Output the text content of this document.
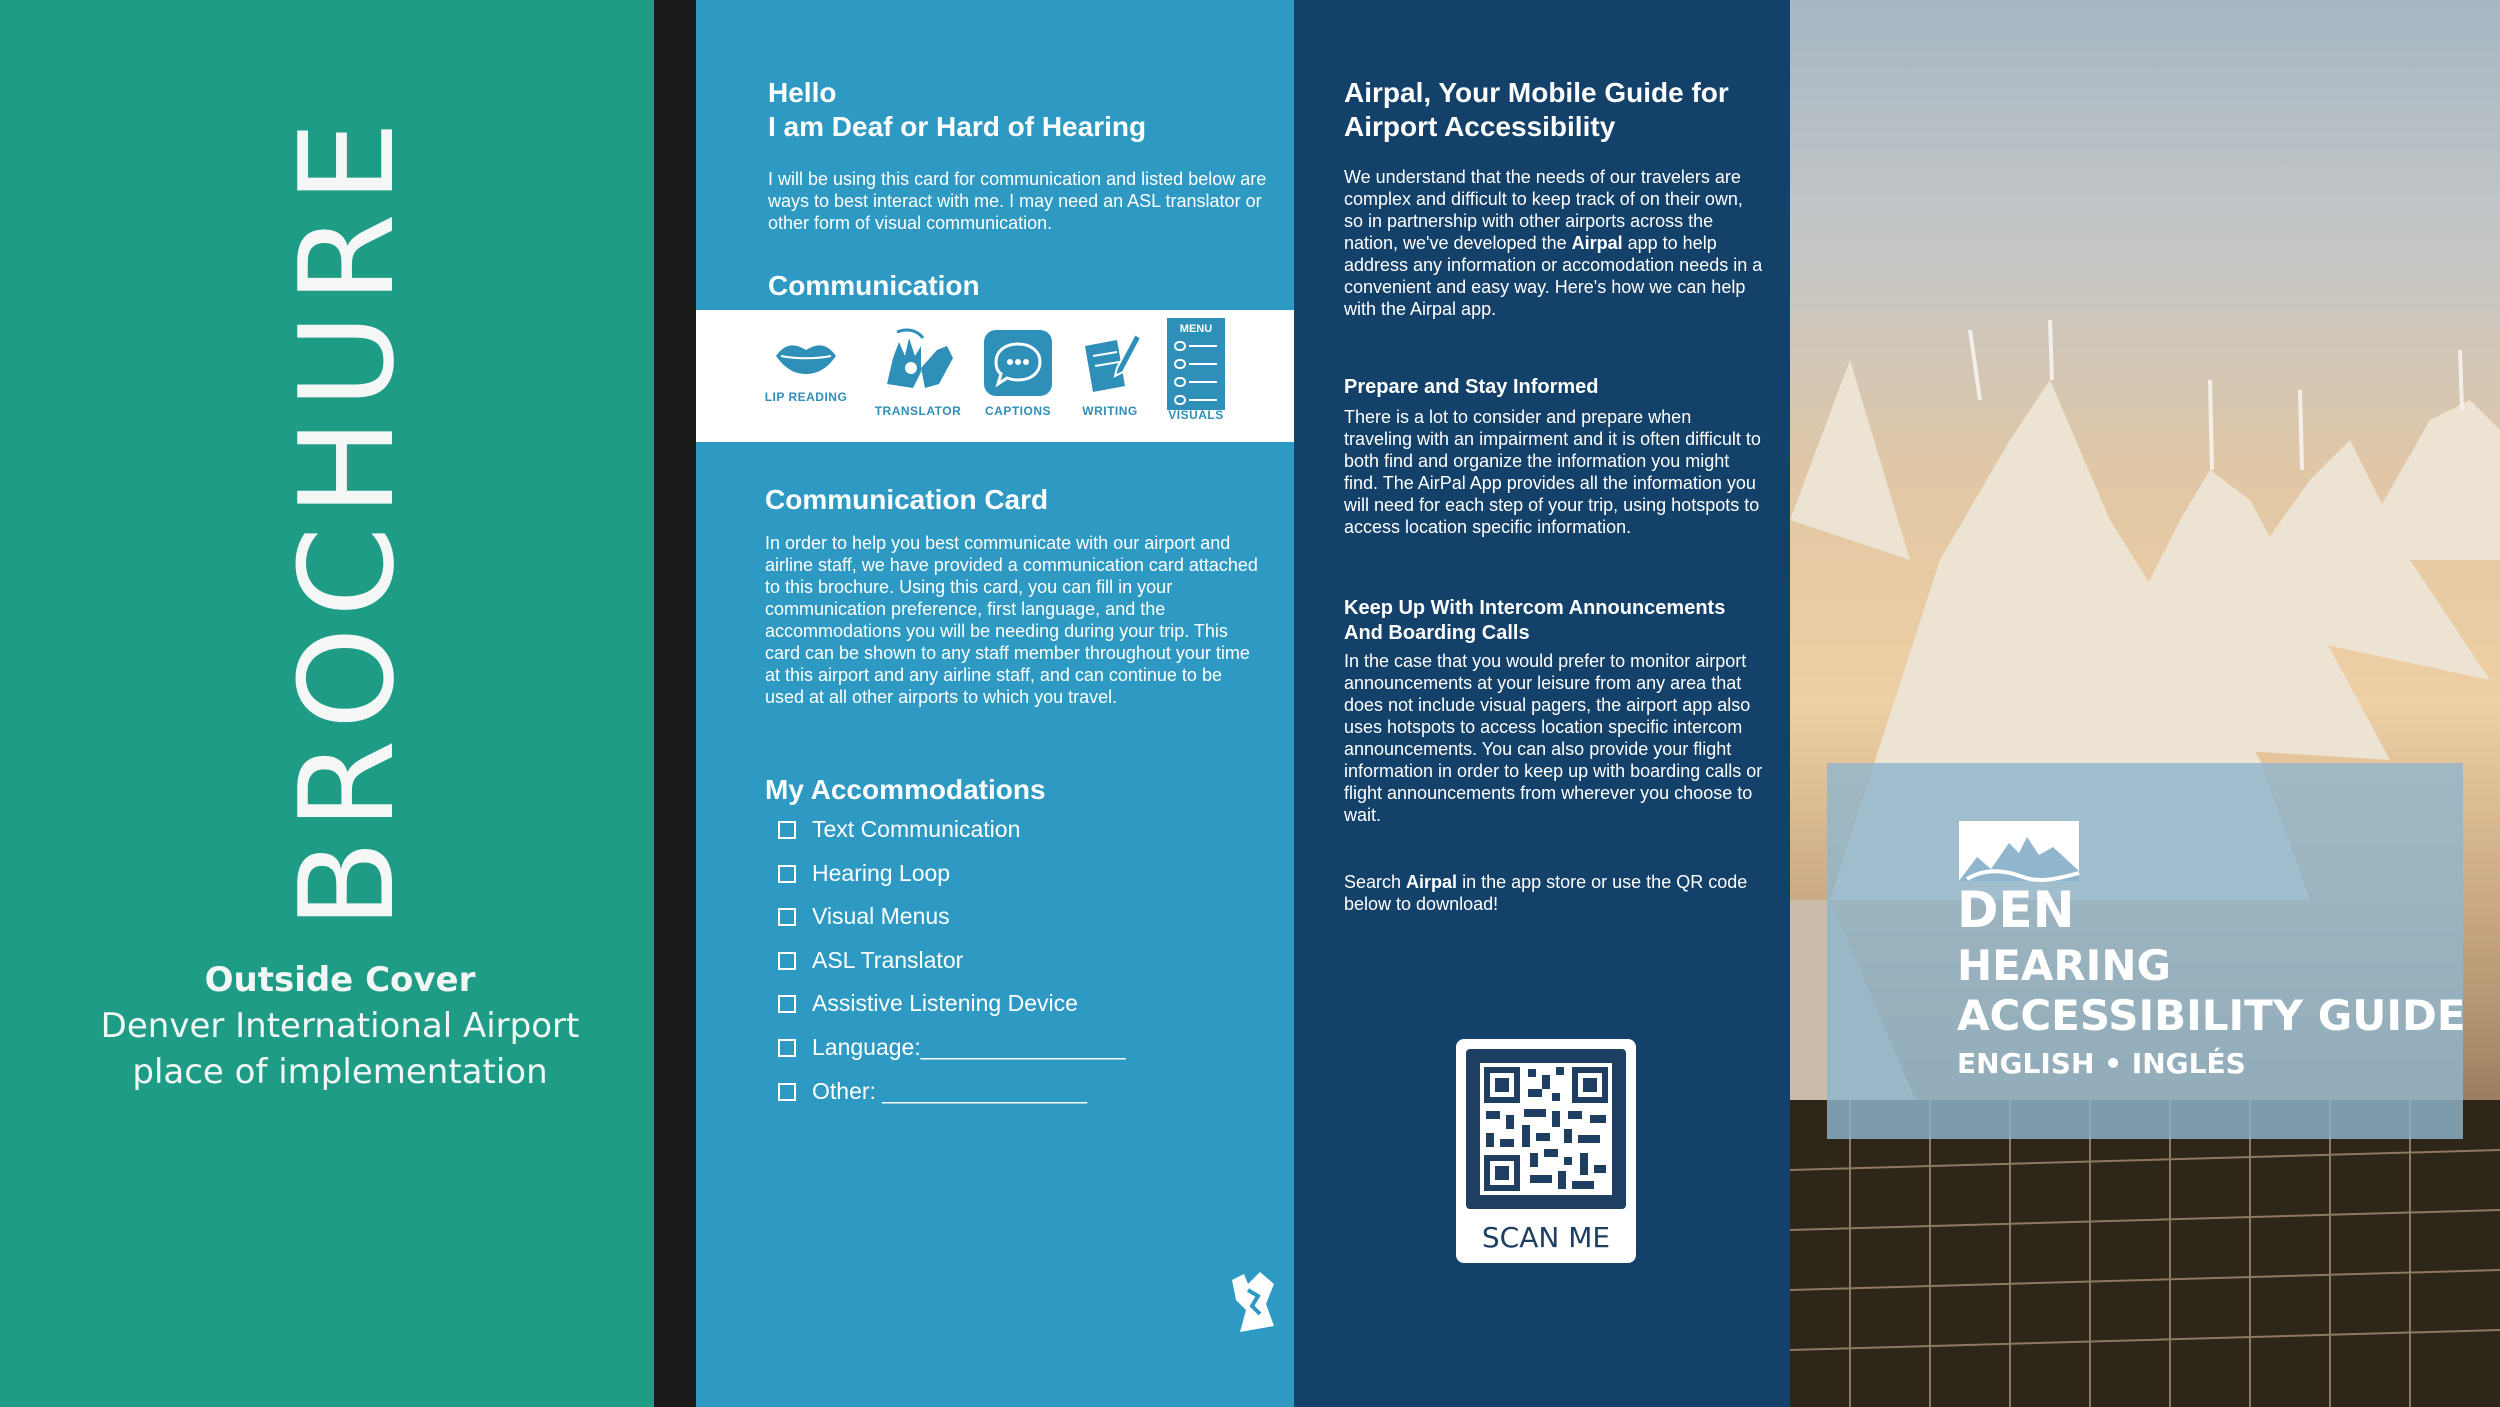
BROCHURE
Outside Cover
Denver International Airport
place of implementation
Hello
I am Deaf or Hard of Hearing
I will be using this card for communication and listed below are ways to best interact with me. I may need an ASL translator or other form of visual communication.
Communication
LIP READING
TRANSLATOR	CAPTIONS	WRITING
MENU
VISUALS
Communication Card
In order to help you best communicate with our airport and airline staff, we have provided a communication card attached to this brochure. Using this card, you can fill in your communication preference, first language, and the accommodations you will be needing during your trip. This card can be shown to any staff member throughout your time at this airport and any airline staff, and can continue to be used at all other airports to which you travel.
My Accommodations
Text Communication
Hearing Loop
Visual Menus
ASL Translator
Assistive Listening Device
Language:________________
Other: ________________
Airpal, Your Mobile Guide for Airport Accessibility
We understand that the needs of our travelers are complex and difficult to keep track of on their own, so in partnership with other airports across the nation, we've developed the Airpal app to help address any information or accomodation needs in a convenient and easy way. Here's how we can help with the Airpal app.
Prepare and Stay Informed
There is a lot to consider and prepare when traveling with an impairment and it is often difficult to both find and organize the information you might find. The AirPal App provides all the information you will need for each step of your trip, using hotspots to access location specific information.
Keep Up With Intercom Announcements And Boarding Calls
In the case that you would prefer to monitor airport announcements at your leisure from any area that does not include visual pagers, the airport app also uses hotspots to access location specific intercom announcements. You can also provide your flight information in order to keep up with boarding calls or flight announcements from wherever you choose to wait.
Search Airpal in the app store or use the QR code below to download!
SCAN ME
DEN
HEARING
ACCESSIBILITY GUIDE
ENGLISH • INGLÉS
